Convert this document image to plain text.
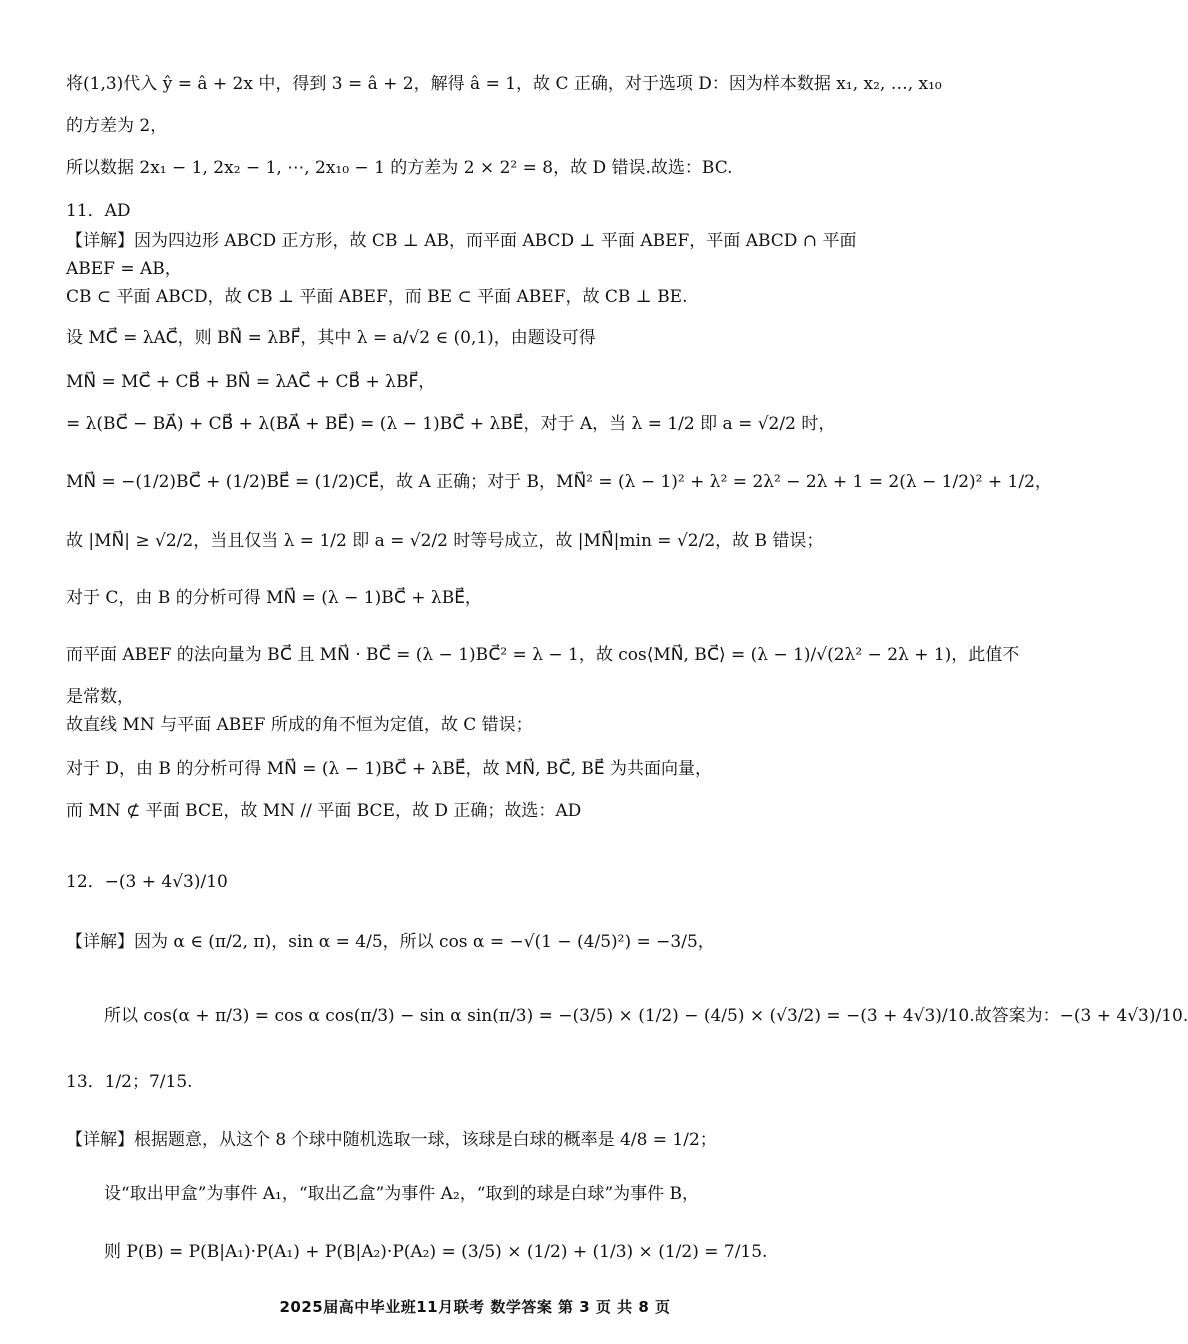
将(1,3)代入 ŷ = â + 2x 中，得到 3 = â + 2，解得 â = 1，故 C 正确，对于选项 D：因为样本数据 x₁, x₂, …, x₁₀
的方差为 2，
所以数据 2x₁ − 1, 2x₂ − 1, ⋯, 2x₁₀ − 1 的方差为 2 × 2² = 8，故 D 错误.故选：BC.
11．AD
【详解】因为四边形 ABCD 正方形，故 CB ⊥ AB，而平面 ABCD ⊥ 平面 ABEF，平面 ABCD ∩ 平面
ABEF = AB，
CB ⊂ 平面 ABCD，故 CB ⊥ 平面 ABEF，而 BE ⊂ 平面 ABEF，故 CB ⊥ BE.
设 MC⃗ = λAC⃗，则 BN⃗ = λBF⃗，其中 λ = a/√2 ∈ (0,1)，由题设可得
MN⃗ = MC⃗ + CB⃗ + BN⃗ = λAC⃗ + CB⃗ + λBF⃗，
= λ(BC⃗ − BA⃗) + CB⃗ + λ(BA⃗ + BE⃗) = (λ − 1)BC⃗ + λBE⃗，对于 A，当 λ = 1/2 即 a = √2/2 时，
MN⃗ = −(1/2)BC⃗ + (1/2)BE⃗ = (1/2)CE⃗，故 A 正确；对于 B，MN⃗² = (λ − 1)² + λ² = 2λ² − 2λ + 1 = 2(λ − 1/2)² + 1/2，
故 |MN⃗| ≥ √2/2，当且仅当 λ = 1/2 即 a = √2/2 时等号成立，故 |MN⃗|min = √2/2，故 B 错误；
对于 C，由 B 的分析可得 MN⃗ = (λ − 1)BC⃗ + λBE⃗，
而平面 ABEF 的法向量为 BC⃗ 且 MN⃗ · BC⃗ = (λ − 1)BC⃗² = λ − 1，故 cos⟨MN⃗, BC⃗⟩ = (λ − 1)/√(2λ² − 2λ + 1)，此值不
是常数，
故直线 MN 与平面 ABEF 所成的角不恒为定值，故 C 错误；
对于 D，由 B 的分析可得 MN⃗ = (λ − 1)BC⃗ + λBE⃗，故 MN⃗, BC⃗, BE⃗ 为共面向量，
而 MN ⊄ 平面 BCE，故 MN // 平面 BCE，故 D 正确；故选：AD
12．−(3 + 4√3)/10
【详解】因为 α ∈ (π/2, π)，sin α = 4/5，所以 cos α = −√(1 − (4/5)²) = −3/5，
所以 cos(α + π/3) = cos α cos(π/3) − sin α sin(π/3) = −(3/5) × (1/2) − (4/5) × (√3/2) = −(3 + 4√3)/10.故答案为：−(3 + 4√3)/10.
13．1/2；7/15.
【详解】根据题意，从这个 8 个球中随机选取一球，该球是白球的概率是 4/8 = 1/2；
设“取出甲盒”为事件 A₁，“取出乙盒”为事件 A₂，“取到的球是白球”为事件 B，
则 P(B) = P(B|A₁)·P(A₁) + P(B|A₂)·P(A₂) = (3/5) × (1/2) + (1/3) × (1/2) = 7/15.
2025届高中毕业班11月联考 数学答案 第 3 页 共 8 页
